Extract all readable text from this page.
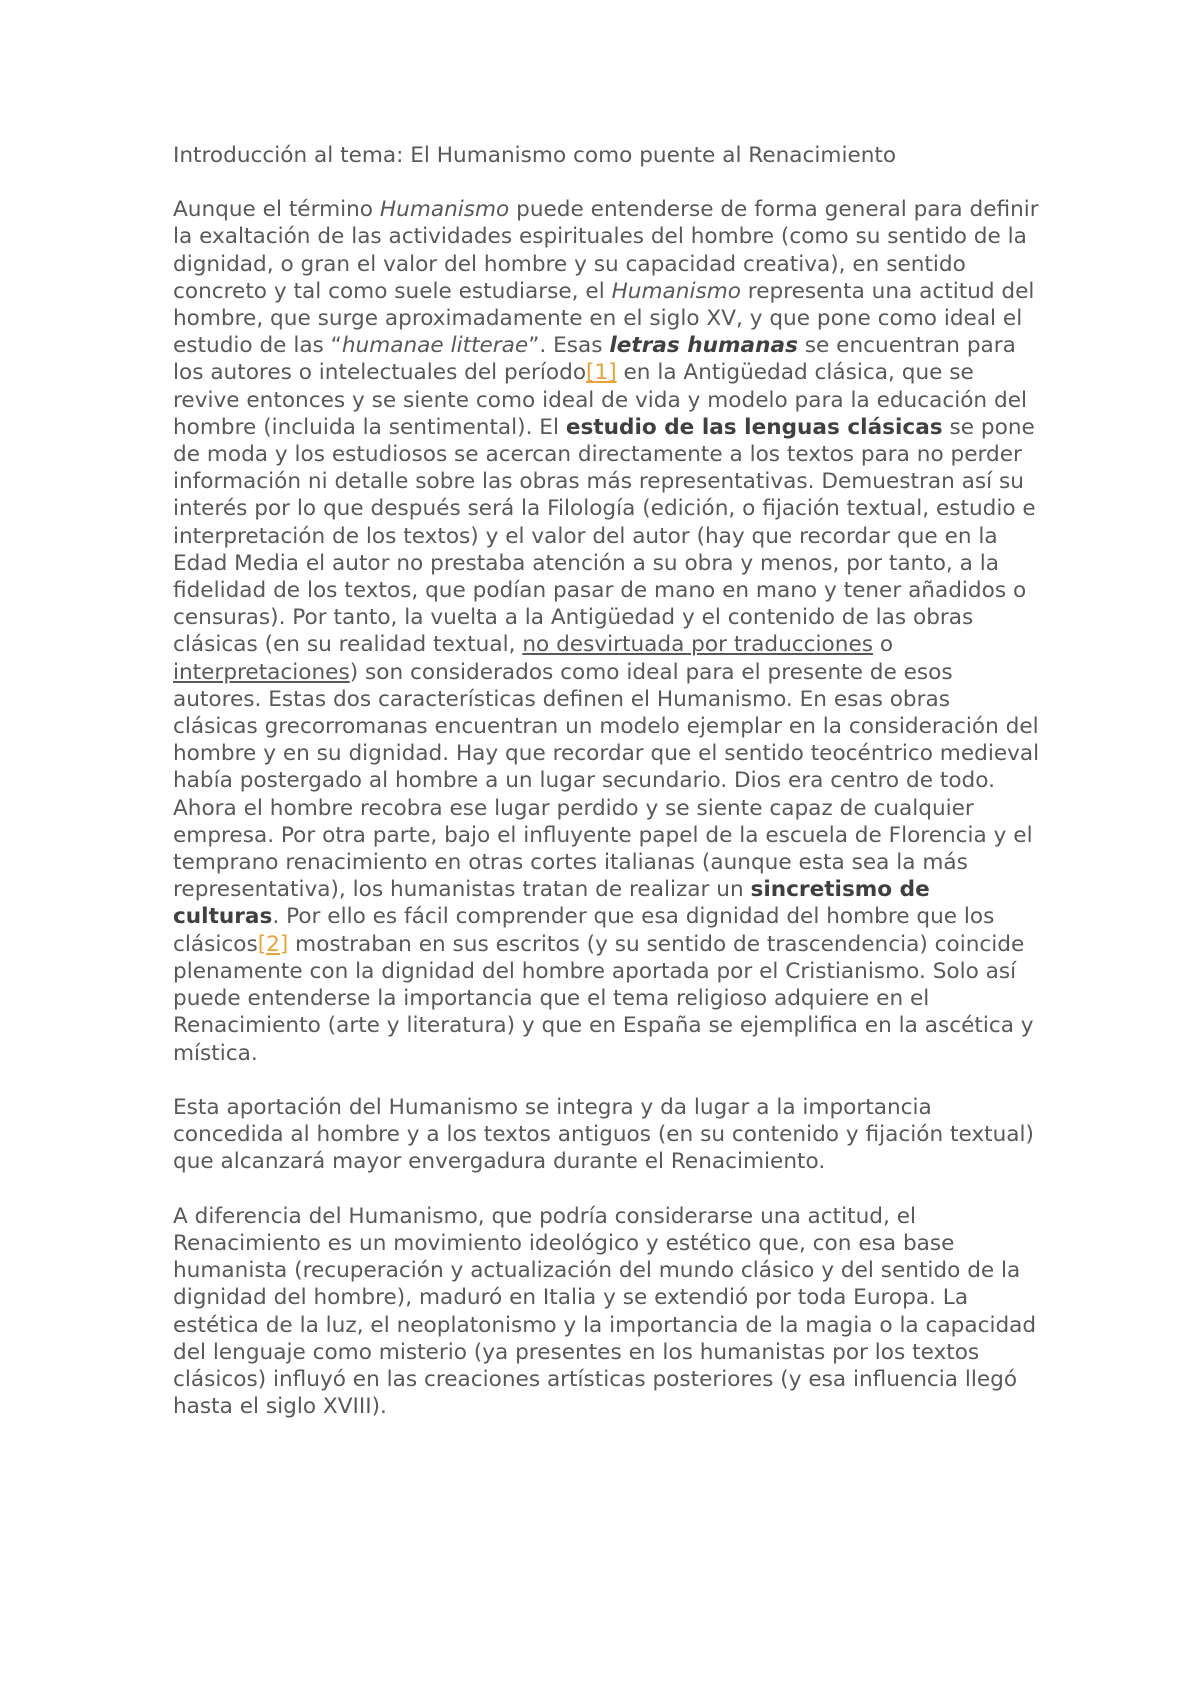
Introducción al tema: El Humanismo como puente al Renacimiento

Aunque el término Humanismo puede entenderse de forma general para definir la exaltación de las actividades espirituales del hombre (como su sentido de la dignidad, o gran el valor del hombre y su capacidad creativa), en sentido concreto y tal como suele estudiarse, el Humanismo representa una actitud del hombre, que surge aproximadamente en el siglo XV, y que pone como ideal el estudio de las “humanae litterae”. Esas letras humanas se encuentran para los autores o intelectuales del período[1] en la Antigüedad clásica, que se revive entonces y se siente como ideal de vida y modelo para la educación del hombre (incluida la sentimental). El estudio de las lenguas clásicas se pone de moda y los estudiosos se acercan directamente a los textos para no perder información ni detalle sobre las obras más representativas. Demuestran así su interés por lo que después será la Filología (edición, o fijación textual, estudio e interpretación de los textos) y el valor del autor (hay que recordar que en la Edad Media el autor no prestaba atención a su obra y menos, por tanto, a la fidelidad de los textos, que podían pasar de mano en mano y tener añadidos o censuras). Por tanto, la vuelta a la Antigüedad y el contenido de las obras clásicas (en su realidad textual, no desvirtuada por traducciones o interpretaciones) son considerados como ideal para el presente de esos autores. Estas dos características definen el Humanismo. En esas obras clásicas grecorromanas encuentran un modelo ejemplar en la consideración del hombre y en su dignidad. Hay que recordar que el sentido teocéntrico medieval había postergado al hombre a un lugar secundario. Dios era centro de todo. Ahora el hombre recobra ese lugar perdido y se siente capaz de cualquier empresa. Por otra parte, bajo el influyente papel de la escuela de Florencia y el temprano renacimiento en otras cortes italianas (aunque esta sea la más representativa), los humanistas tratan de realizar un sincretismo de culturas. Por ello es fácil comprender que esa dignidad del hombre que los clásicos[2] mostraban en sus escritos (y su sentido de trascendencia) coincide plenamente con la dignidad del hombre aportada por el Cristianismo. Solo así puede entenderse la importancia que el tema religioso adquiere en el Renacimiento (arte y literatura) y que en España se ejemplifica en la ascética y mística.

Esta aportación del Humanismo se integra y da lugar a la importancia concedida al hombre y a los textos antiguos (en su contenido y fijación textual) que alcanzará mayor envergadura durante el Renacimiento.

A diferencia del Humanismo, que podría considerarse una actitud, el Renacimiento es un movimiento ideológico y estético que, con esa base humanista (recuperación y actualización del mundo clásico y del sentido de la dignidad del hombre), maduró en Italia y se extendió por toda Europa. La estética de la luz, el neoplatonismo y la importancia de la magia o la capacidad del lenguaje como misterio (ya presentes en los humanistas por los textos clásicos) influyó en las creaciones artísticas posteriores (y esa influencia llegó hasta el siglo XVIII).
